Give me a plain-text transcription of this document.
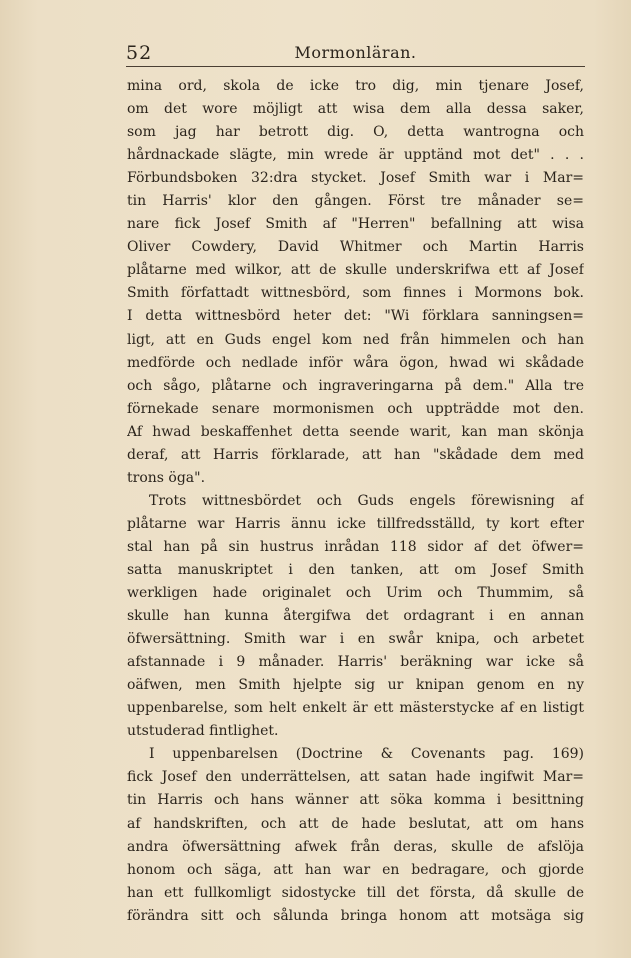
52	Mormonläran.
mina ord, skola de icke tro dig, min tjenare Josef,
om det wore möjligt att wisa dem alla dessa saker,
som jag har betrott dig. O, detta wantrogna och
hårdnackade slägte, min wrede är upptänd mot det" . . .
Förbundsboken 32:dra stycket. Josef Smith war i Mar=
tin Harris' klor den gången. Först tre månader se=
nare fick Josef Smith af "Herren" befallning att wisa
Oliver Cowdery, David Whitmer och Martin Harris
plåtarne med wilkor, att de skulle underskrifwa ett af Josef
Smith författadt wittnesbörd, som finnes i Mormons bok.
I detta wittnesbörd heter det: "Wi förklara sanningsen=
ligt, att en Guds engel kom ned från himmelen och han
medförde och nedlade inför wåra ögon, hwad wi skådade
och sågo, plåtarne och ingraveringarna på dem." Alla tre
förnekade senare mormonismen och uppträdde mot den.
Af hwad beskaffenhet detta seende warit, kan man skönja
deraf, att Harris förklarade, att han "skådade dem med
trons öga".
Trots wittnesbördet och Guds engels förewisning af
plåtarne war Harris ännu icke tillfredsställd, ty kort efter
stal han på sin hustrus inrådan 118 sidor af det öfwer=
satta manuskriptet i den tanken, att om Josef Smith
werkligen hade originalet och Urim och Thummim, så
skulle han kunna återgifwa det ordagrant i en annan
öfwersättning. Smith war i en swår knipa, och arbetet
afstannade i 9 månader. Harris' beräkning war icke så
oäfwen, men Smith hjelpte sig ur knipan genom en ny
uppenbarelse, som helt enkelt är ett mästerstycke af en listigt
utstuderad fintlighet.
I uppenbarelsen (Doctrine & Covenants pag. 169)
fick Josef den underrättelsen, att satan hade ingifwit Mar=
tin Harris och hans wänner att söka komma i besittning
af handskriften, och att de hade beslutat, att om hans
andra öfwersättning afwek från deras, skulle de afslöja
honom och säga, att han war en bedragare, och gjorde
han ett fullkomligt sidostycke till det första, då skulle de
förändra sitt och sålunda bringa honom att motsäga sig
